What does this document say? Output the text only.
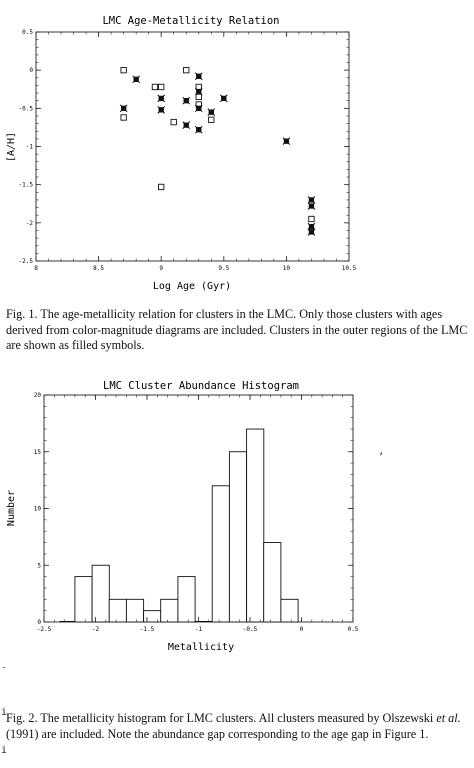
LMC Age-Metallicity Relation
8	8.5	9	9.5	10	10.5
0.5
0
-0.5
-1
-1.5
-2
-2.5
Log Age (Gyr)
[A/H]
Fig. 1. The age-metallicity relation for clusters in the LMC. Only those clusters with ages derived from color-magnitude diagrams are included. Clusters in the outer regions of the LMC are shown as filled symbols.
LMC Cluster Abundance Histogram
-2.5	-2	-1.5	-1	-0.5	0	0.5
0
5
10
15
20
Metallicity
Number
Fig. 2. The metallicity histogram for LMC clusters. All clusters measured by Olszewski et al. (1991) are included. Note the abundance gap corresponding to the age gap in Figure 1.
’
ˑ
i
i
